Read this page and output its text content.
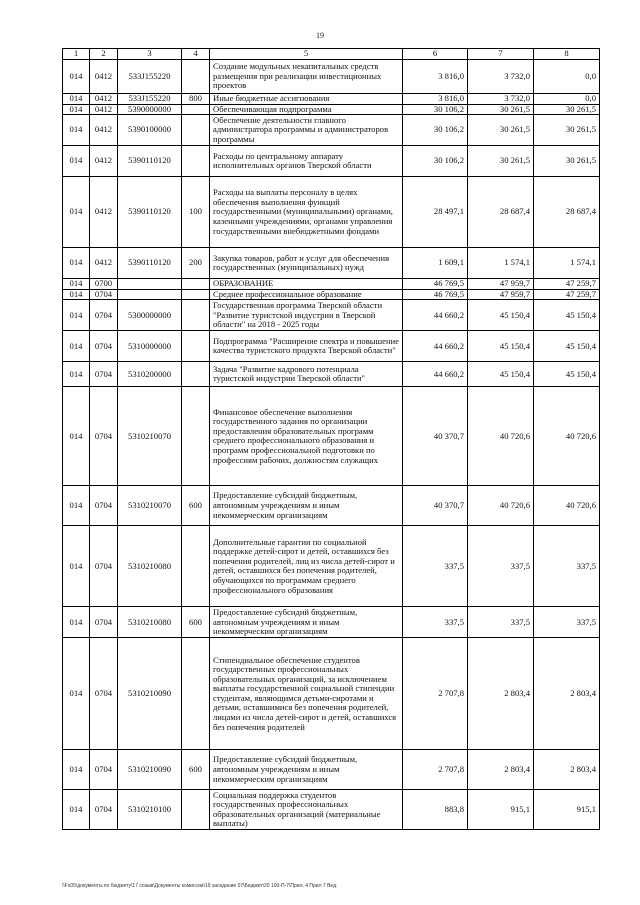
19
1	2	3	4	5	6	7	8
014	0412	533J155220		Создание модульных некапитальных средств размещения при реализации инвестиционных проектов	3 816,0	3 732,0	0,0
014	0412	533J155220	800	Иные бюджетные ассигнования	3 816,0	3 732,0	0,0
014	0412	5390000000		Обеспечивающая подпрограмма	30 106,2	30 261,5	30 261,5
014	0412	5390100000		Обеспечение деятельности главного администратора программы и администраторов программы	30 106,2	30 261,5	30 261,5
014	0412	5390110120		Расходы по центральному аппарату исполнительных органов Тверской области	30 106,2	30 261,5	30 261,5
014	0412	5390110120	100	Расходы на выплаты персоналу в целях обеспечения выполнения функций государственными (муниципальными) органами, казенными учреждениями, органами управления государственными внебюджетными фондами	28 497,1	28 687,4	28 687,4
014	0412	5390110120	200	Закупка товаров, работ и услуг для обеспечения государственных (муниципальных) нужд	1 609,1	1 574,1	1 574,1
014	0700			ОБРАЗОВАНИЕ	46 769,5	47 959,7	47 259,7
014	0704			Среднее профессиональное образование	46 769,5	47 959,7	47 259,7
014	0704	5300000000		Государственная программа Тверской области "Развитие туристской индустрии в Тверской области" на 2018 - 2025 годы	44 660,2	45 150,4	45 150,4
014	0704	5310000000		Подпрограмма "Расширение спектра и повышение качества туристского продукта Тверской области"	44 660,2	45 150,4	45 150,4
014	0704	5310200000		Задача "Развитие кадрового потенциала туристской индустрии Тверской области"	44 660,2	45 150,4	45 150,4
014	0704	5310210070		Финансовое обеспечение выполнения государственного задания по организации предоставления образовательных программ среднего профессионального образования и программ профессиональной подготовки по профессиям рабочих, должностям служащих	40 370,7	40 720,6	40 720,6
014	0704	5310210070	600	Предоставление субсидий бюджетным, автономным учреждениям и иным некоммерческим организациям	40 370,7	40 720,6	40 720,6
014	0704	5310210080		Дополнительные гарантии по социальной поддержке детей-сирот и детей, оставшихся без попечения родителей, лиц из числа детей-сирот и детей, оставшихся без попечения родителей, обучающихся по программам среднего профессионального образования	337,5	337,5	337,5
014	0704	5310210080	600	Предоставление субсидий бюджетным, автономным учреждениям и иным некоммерческим организациям	337,5	337,5	337,5
014	0704	5310210090		Стипендиальное обеспечение студентов государственных профессиональных образовательных организаций, за исключением выплаты государственной социальной стипендии студентам, являющимся детьми-сиротами и детьми, оставшимися без попечения родителей, лицами из числа детей-сирот и детей, оставшихся без попечения родителей	2 707,8	2 803,4	2 803,4
014	0704	5310210090	600	Предоставление субсидий бюджетным, автономным учреждениям и иным некоммерческим организациям	2 707,8	2 803,4	2 803,4
014	0704	5310210100		Социальная поддержка студентов государственных профессиональных образовательных организаций (материальные выплаты)	883,8	915,1	915,1
\\Fs05\документы по бюджету\17 созыв\Документы комиссии\19 заседание 07\Бюджет\20 100-П-7\Прил. 4 Прил 7 Вед.
